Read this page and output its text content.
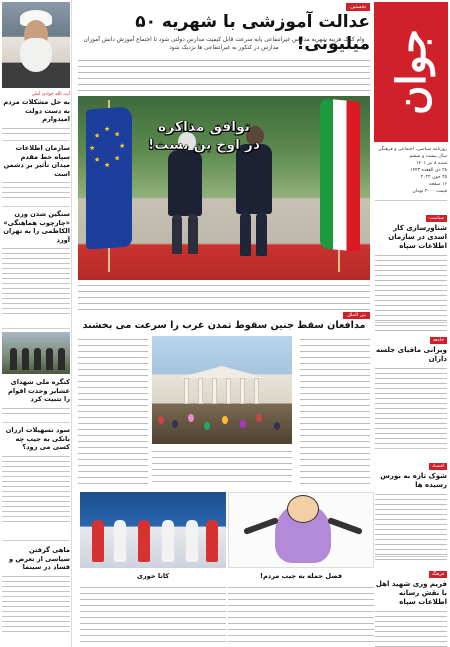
جوان
روزنامه سیاسی، اجتماعی و فرهنگی
سال بیست و ششم
شنبه ۸ تیر ۱۴۰۱
۲۸ ذی القعده ۱۴۴۳
۲۵ جون ۲۰۲۲
۱۶ صفحه
قیمت ۳۰۰۰ تومان
سیاست
شناورسازی کار اسدی در سازمان اطلاعات سپاه
جامعه
ویرانی مافیای جلسه داران
اقتصاد
شوک تازه به بورس رسیده ها
فرهنگ
فریم وری شهید اهل با نقش رسانه اطلاعات سپاه
آیت الله جوادی آملی
به حل مشکلات مردم به دست دولت امیدوارم
سازمان اطلاعات سپاه خط مقدم میدان تأثیر بر دشمن است
سنگین شدن وزن «چارچوب هماهنگی» الکاظمی را به تهران آورد
کنگره ملی شهدای عشایر وحدت اقوام را تثبیت کرد
سود تسهیلات ارزان بانکی به جیب چه کسی می رود؟
ماهی گرفتن سیاسی از تعرض و فساد در سینما
نخستین
عدالت آموزشی با شهریه ۵۰ میلیونی!
وام کمک هزینه شهریه مدارس غیرانتفاعی پایه سرعت قابل کیفیت مدارس دولتی شود تا اجتماع آموزش دانش آموزان مدارس در کنکور به غیرانتفاعی ها نزدیک شود
★
★
★
★
★
★
★
★
توافق مذاکره
در اوج بن بست!
بین الملل
مدافعان سقط جنین سقوط تمدن غرب را سرعت می بخشند
کاتا خوری	فصل حمله به جیب مردم!
